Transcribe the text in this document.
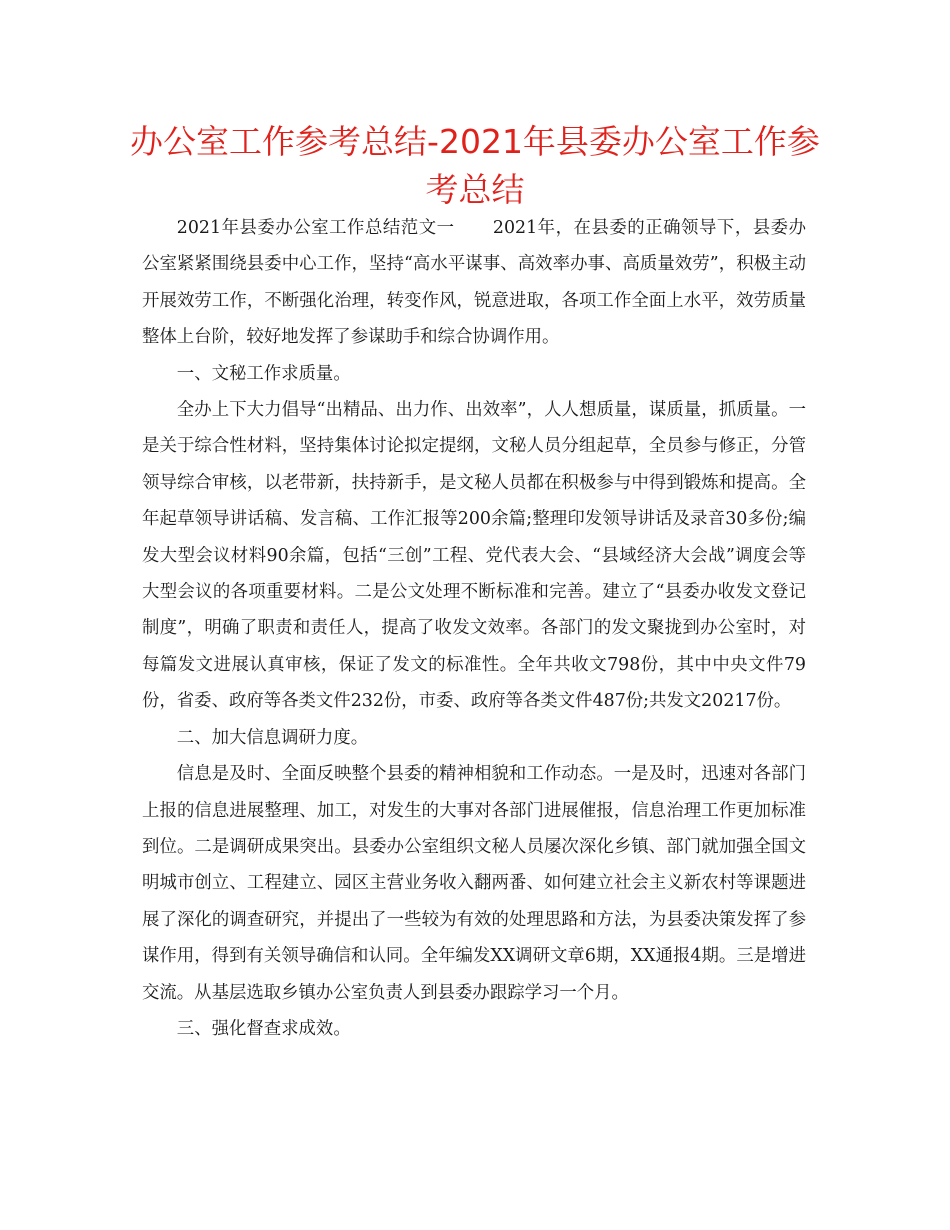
办公室工作参考总结-2021年县委办公室工作参考总结

2021年县委办公室工作总结范文一 2021年，在县委的正确领导下，县委办公室紧紧围绕县委中心工作，坚持“高水平谋事、高效率办事、高质量效劳”，积极主动开展效劳工作，不断强化治理，转变作风，锐意进取，各项工作全面上水平，效劳质量整体上台阶，较好地发挥了参谋助手和综合协调作用。

一、文秘工作求质量。

全办上下大力倡导“出精品、出力作、出效率”，人人想质量，谋质量，抓质量。一是关于综合性材料，坚持集体讨论拟定提纲，文秘人员分组起草，全员参与修正，分管领导综合审核，以老带新，扶持新手，是文秘人员都在积极参与中得到锻炼和提高。全年起草领导讲话稿、发言稿、工作汇报等200余篇;整理印发领导讲话及录音30多份;编发大型会议材料90余篇，包括“三创”工程、党代表大会、“县域经济大会战”调度会等大型会议的各项重要材料。二是公文处理不断标准和完善。建立了“县委办收发文登记制度”，明确了职责和责任人，提高了收发文效率。各部门的发文聚拢到办公室时，对每篇发文进展认真审核，保证了发文的标准性。全年共收文798份，其中中央文件79份，省委、政府等各类文件232份，市委、政府等各类文件487份;共发文20217份。

二、加大信息调研力度。

信息是及时、全面反映整个县委的精神相貌和工作动态。一是及时，迅速对各部门上报的信息进展整理、加工，对发生的大事对各部门进展催报，信息治理工作更加标准到位。二是调研成果突出。县委办公室组织文秘人员屡次深化乡镇、部门就加强全国文明城市创立、工程建立、园区主营业务收入翻两番、如何建立社会主义新农村等课题进展了深化的调查研究，并提出了一些较为有效的处理思路和方法，为县委决策发挥了参谋作用，得到有关领导确信和认同。全年编发XX调研文章6期，XX通报4期。三是增进交流。从基层选取乡镇办公室负责人到县委办跟踪学习一个月。

三、强化督查求成效。
